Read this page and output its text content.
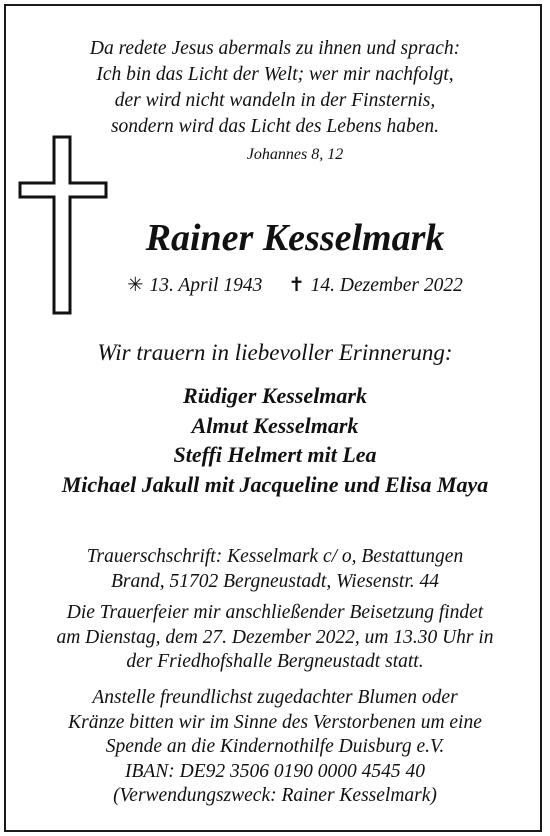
Da redete Jesus abermals zu ihnen und sprach:
Ich bin das Licht der Welt; wer mir nachfolgt,
der wird nicht wandeln in der Finsternis,
sondern wird das Licht des Lebens haben.
Johannes 8, 12
Rainer Kesselmark
✳ 13. April 1943 ✝ 14. Dezember 2022
Wir trauern in liebevoller Erinnerung:
Rüdiger Kesselmark
Almut Kesselmark
Steffi Helmert mit Lea
Michael Jakull mit Jacqueline und Elisa Maya
Trauerschschrift: Kesselmark c/ o, Bestattungen
Brand, 51702 Bergneustadt, Wiesenstr. 44
Die Trauerfeier mir anschließender Beisetzung findet
am Dienstag, dem 27. Dezember 2022, um 13.30 Uhr in
der Friedhofshalle Bergneustadt statt.
Anstelle freundlichst zugedachter Blumen oder
Kränze bitten wir im Sinne des Verstorbenen um eine
Spende an die Kindernothilfe Duisburg e.V.
IBAN: DE92 3506 0190 0000 4545 40
(Verwendungszweck: Rainer Kesselmark)
